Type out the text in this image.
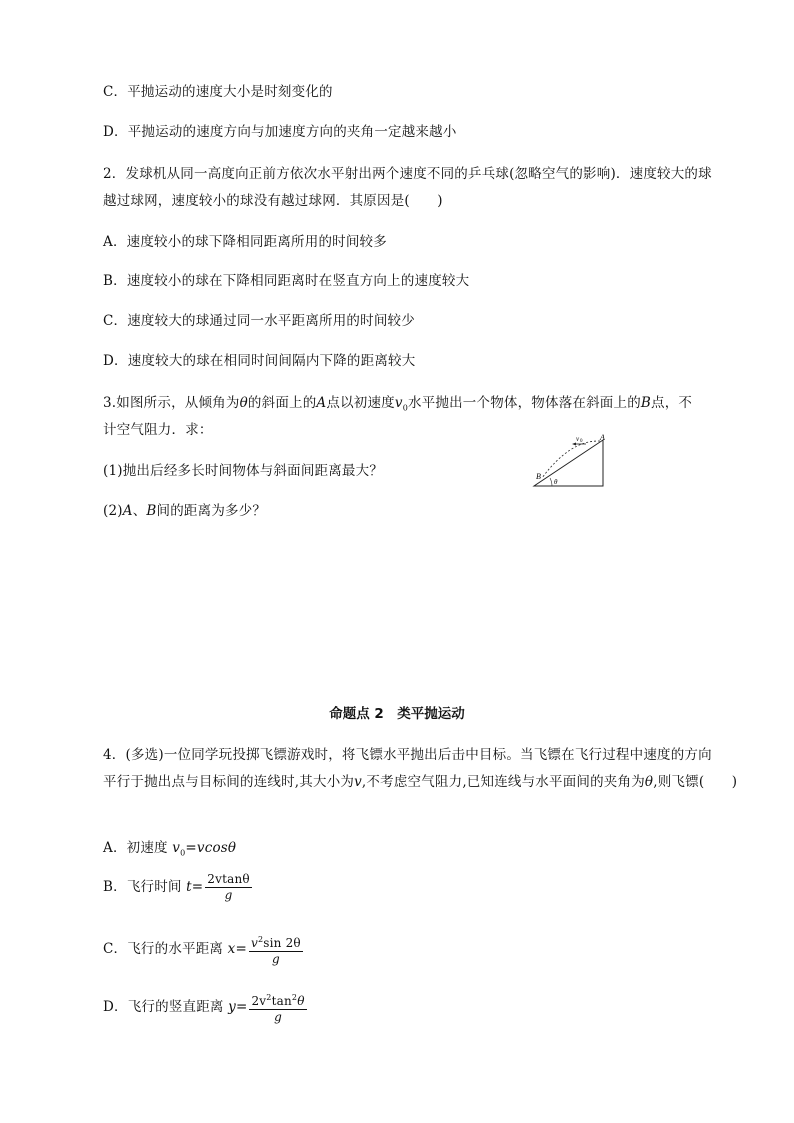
C．平抛运动的速度大小是时刻变化的
D．平抛运动的速度方向与加速度方向的夹角一定越来越小
2．发球机从同一高度向正前方依次水平射出两个速度不同的乒乓球(忽略空气的影响)．速度较大的球
越过球网，速度较小的球没有越过球网．其原因是(　　)
A．速度较小的球下降相同距离所用的时间较多
B．速度较小的球在下降相同距离时在竖直方向上的速度较大
C．速度较大的球通过同一水平距离所用的时间较少
D．速度较大的球在相同时间间隔内下降的距离较大
3.如图所示，从倾角为θ的斜面上的A点以初速度$v_0$水平抛出一个物体，物体落在斜面上的B点，不
计空气阻力．求：
(1)抛出后经多长时间物体与斜面间距离最大？
(2)A、B间的距离为多少？
A
B
θ
v 0
命题点 2　类平抛运动
4．(多选)一位同学玩投掷飞镖游戏时，将飞镖水平抛出后击中目标。当飞镖在飞行过程中速度的方向
平行于抛出点与目标间的连线时,其大小为v,不考虑空气阻力,已知连线与水平面间的夹角为θ,则飞镖(　　)
A．初速度 $v_0=vcos\theta$
B．飞行时间 $t= \frac{2vtan\theta}{g}$
C．飞行的水平距离 $x= \frac{v^2\sin 2\theta}{g}$
D．飞行的竖直距离 $y= \frac{2v^2\tan^2\theta}{g}$
